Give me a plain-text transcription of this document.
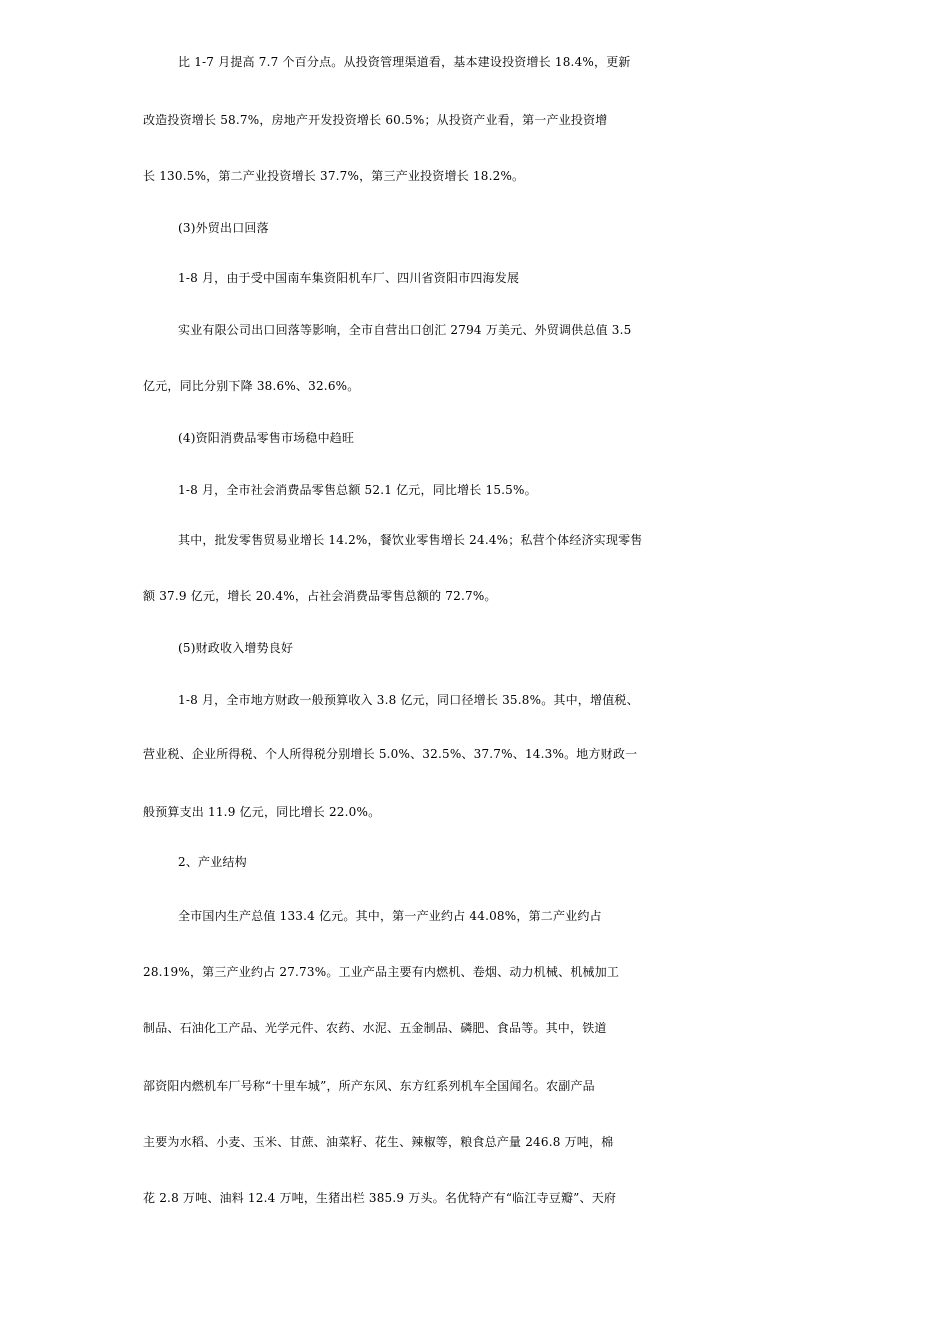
比 1-7 月提高 7.7 个百分点。从投资管理渠道看，基本建设投资增长 18.4%，更新
改造投资增长 58.7%，房地产开发投资增长 60.5%；从投资产业看，第一产业投资增
长 130.5%，第二产业投资增长 37.7%，第三产业投资增长 18.2%。
(3)外贸出口回落
1-8 月，由于受中国南车集资阳机车厂、四川省资阳市四海发展
实业有限公司出口回落等影响，全市自营出口创汇 2794 万美元、外贸调供总值 3.5
亿元，同比分别下降 38.6%、32.6%。
(4)资阳消费品零售市场稳中趋旺
1-8 月，全市社会消费品零售总额 52.1 亿元，同比增长 15.5%。
其中，批发零售贸易业增长 14.2%，餐饮业零售增长 24.4%；私营个体经济实现零售
额 37.9 亿元，增长 20.4%，占社会消费品零售总额的 72.7%。
(5)财政收入增势良好
1-8 月，全市地方财政一般预算收入 3.8 亿元，同口径增长 35.8%。其中，增值税、
营业税、企业所得税、个人所得税分别增长 5.0%、32.5%、37.7%、14.3%。地方财政一
般预算支出 11.9 亿元，同比增长 22.0%。
2、产业结构
全市国内生产总值 133.4 亿元。其中，第一产业约占 44.08%，第二产业约占
28.19%，第三产业约占 27.73%。工业产品主要有内燃机、卷烟、动力机械、机械加工
制品、石油化工产品、光学元件、农药、水泥、五金制品、磷肥、食品等。其中，铁道
部资阳内燃机车厂号称“十里车城”，所产东风、东方红系列机车全国闻名。农副产品
主要为水稻、小麦、玉米、甘蔗、油菜籽、花生、辣椒等，粮食总产量 246.8 万吨，棉
花 2.8 万吨、油料 12.4 万吨，生猪出栏 385.9 万头。名优特产有“临江寺豆瓣”、天府
